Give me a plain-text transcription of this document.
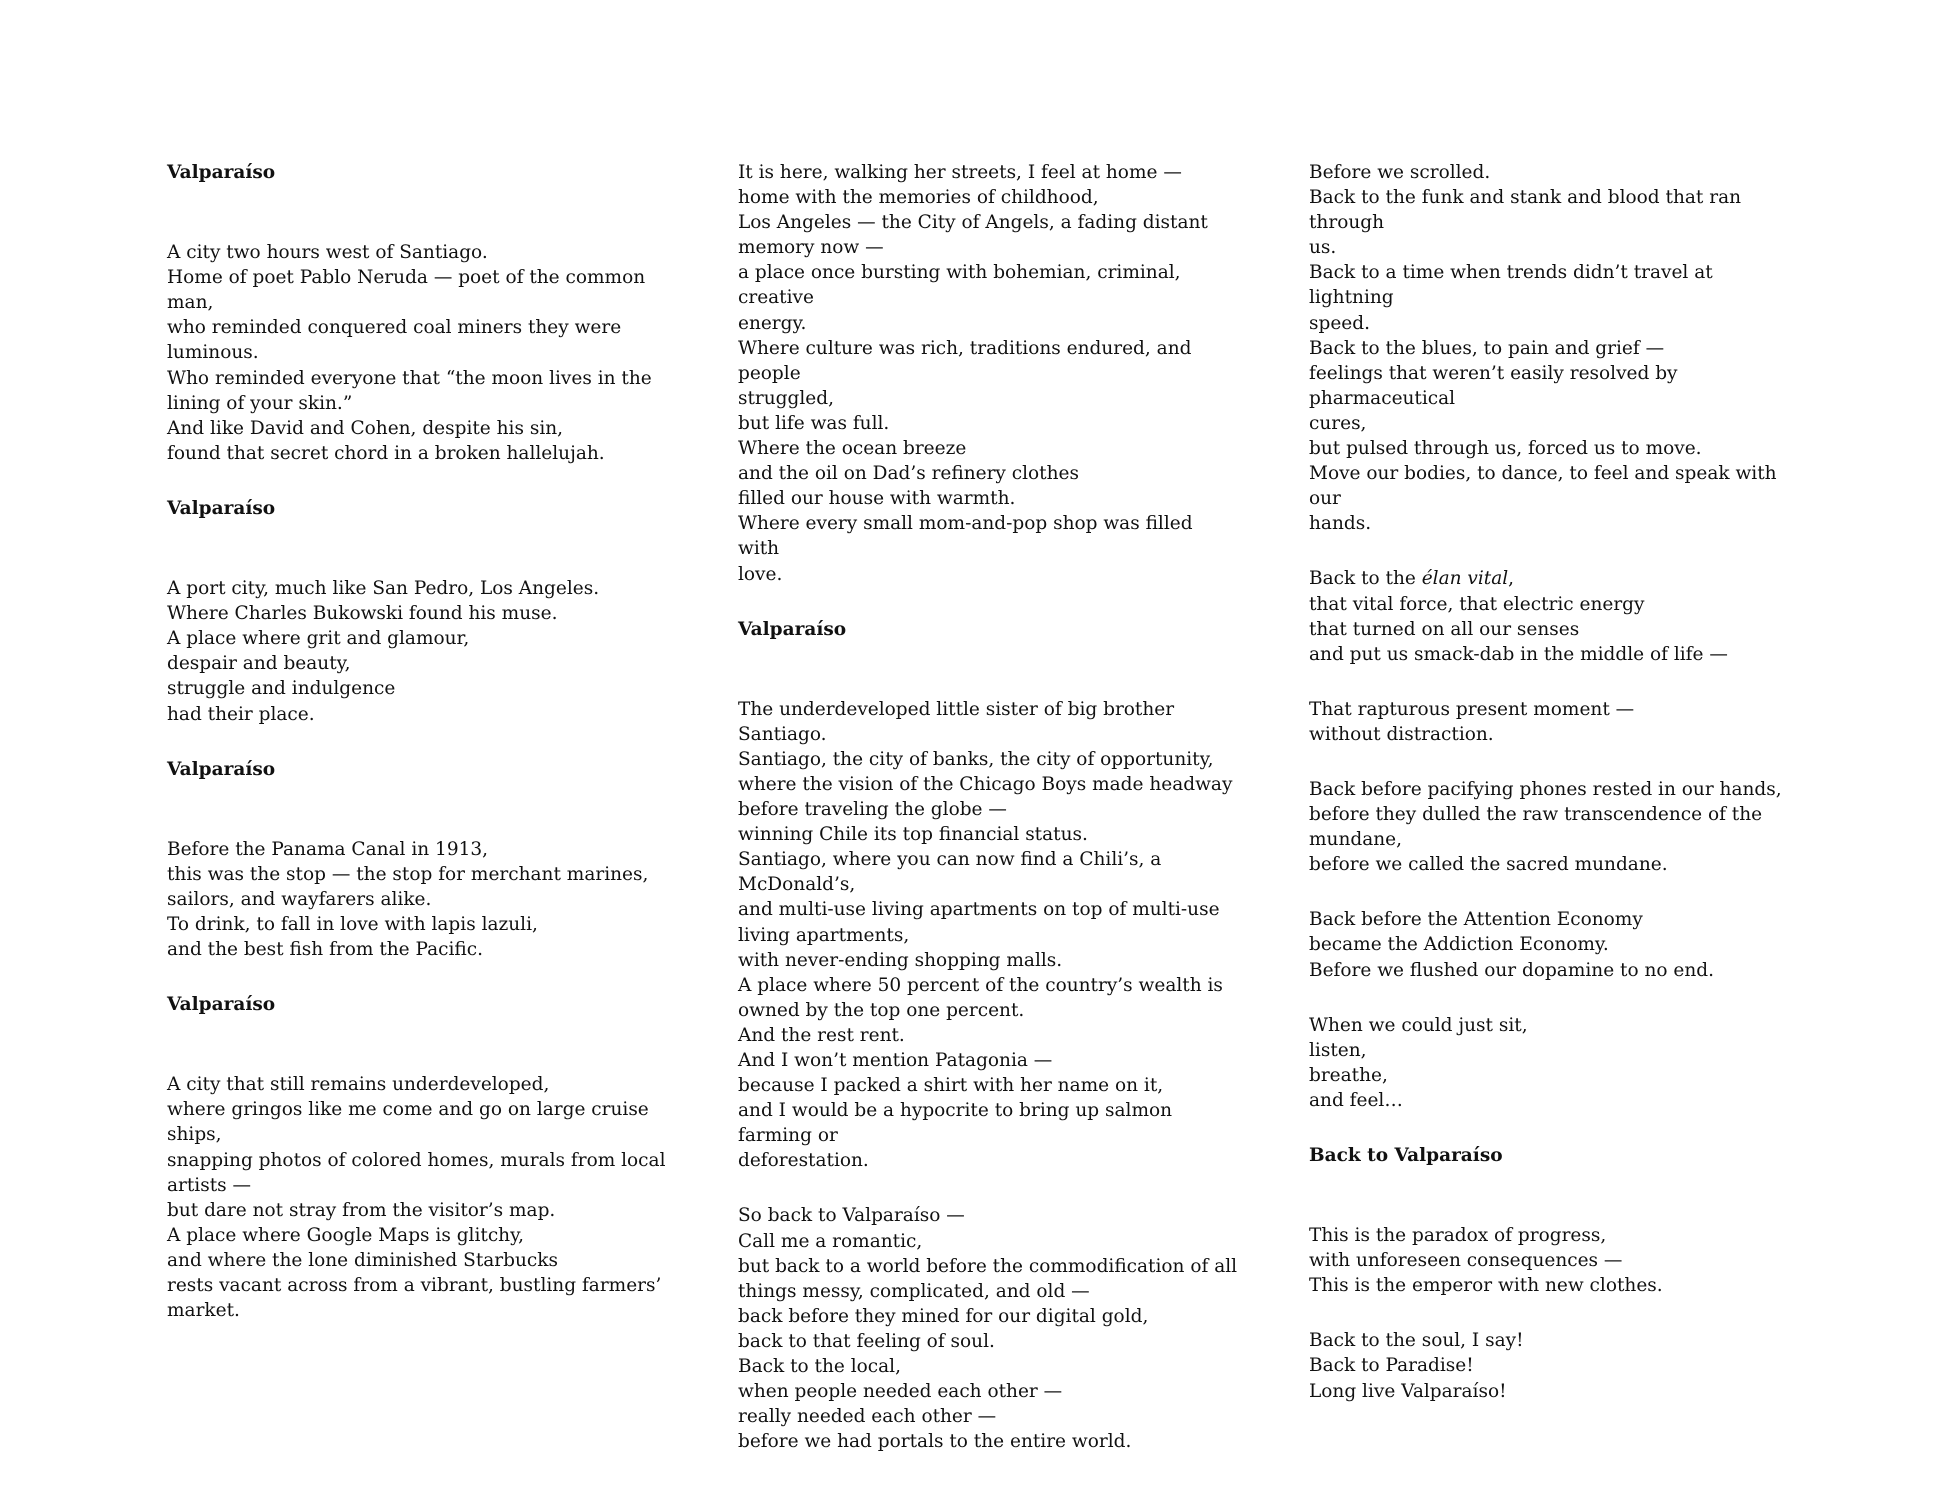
Valparaíso
A city two hours west of Santiago.
Home of poet Pablo Neruda — poet of the common man,
who reminded conquered coal miners they were
luminous.
Who reminded everyone that “the moon lives in the
lining of your skin.”
And like David and Cohen, despite his sin,
found that secret chord in a broken hallelujah.
Valparaíso
A port city, much like San Pedro, Los Angeles.
Where Charles Bukowski found his muse.
A place where grit and glamour,
despair and beauty,
struggle and indulgence
had their place.
Valparaíso
Before the Panama Canal in 1913,
this was the stop — the stop for merchant marines,
sailors, and wayfarers alike.
To drink, to fall in love with lapis lazuli,
and the best fish from the Pacific.
Valparaíso
A city that still remains underdeveloped,
where gringos like me come and go on large cruise ships,
snapping photos of colored homes, murals from local
artists —
but dare not stray from the visitor’s map.
A place where Google Maps is glitchy,
and where the lone diminished Starbucks
rests vacant across from a vibrant, bustling farmers’
market.
It is here, walking her streets, I feel at home —
home with the memories of childhood,
Los Angeles — the City of Angels, a fading distant
memory now —
a place once bursting with bohemian, criminal, creative
energy.
Where culture was rich, traditions endured, and people
struggled,
but life was full.
Where the ocean breeze
and the oil on Dad’s refinery clothes
filled our house with warmth.
Where every small mom-and-pop shop was filled with
love.
Valparaíso
The underdeveloped little sister of big brother Santiago.
Santiago, the city of banks, the city of opportunity,
where the vision of the Chicago Boys made headway
before traveling the globe —
winning Chile its top financial status.
Santiago, where you can now find a Chili’s, a
McDonald’s,
and multi-use living apartments on top of multi-use
living apartments,
with never-ending shopping malls.
A place where 50 percent of the country’s wealth is
owned by the top one percent.
And the rest rent.
And I won’t mention Patagonia —
because I packed a shirt with her name on it,
and I would be a hypocrite to bring up salmon farming or
deforestation.
So back to Valparaíso —
Call me a romantic,
but back to a world before the commodification of all
things messy, complicated, and old —
back before they mined for our digital gold,
back to that feeling of soul.
Back to the local,
when people needed each other —
really needed each other —
before we had portals to the entire world.
Before we scrolled.
Back to the funk and stank and blood that ran through
us.
Back to a time when trends didn’t travel at lightning
speed.
Back to the blues, to pain and grief —
feelings that weren’t easily resolved by pharmaceutical
cures,
but pulsed through us, forced us to move.
Move our bodies, to dance, to feel and speak with our
hands.
Back to the élan vital,
that vital force, that electric energy
that turned on all our senses
and put us smack-dab in the middle of life —
That rapturous present moment —
without distraction.
Back before pacifying phones rested in our hands,
before they dulled the raw transcendence of the
mundane,
before we called the sacred mundane.
Back before the Attention Economy
became the Addiction Economy.
Before we flushed our dopamine to no end.
When we could just sit,
listen,
breathe,
and feel…
Back to Valparaíso
This is the paradox of progress,
with unforeseen consequences —
This is the emperor with new clothes.
Back to the soul, I say!
Back to Paradise!
Long live Valparaíso!
